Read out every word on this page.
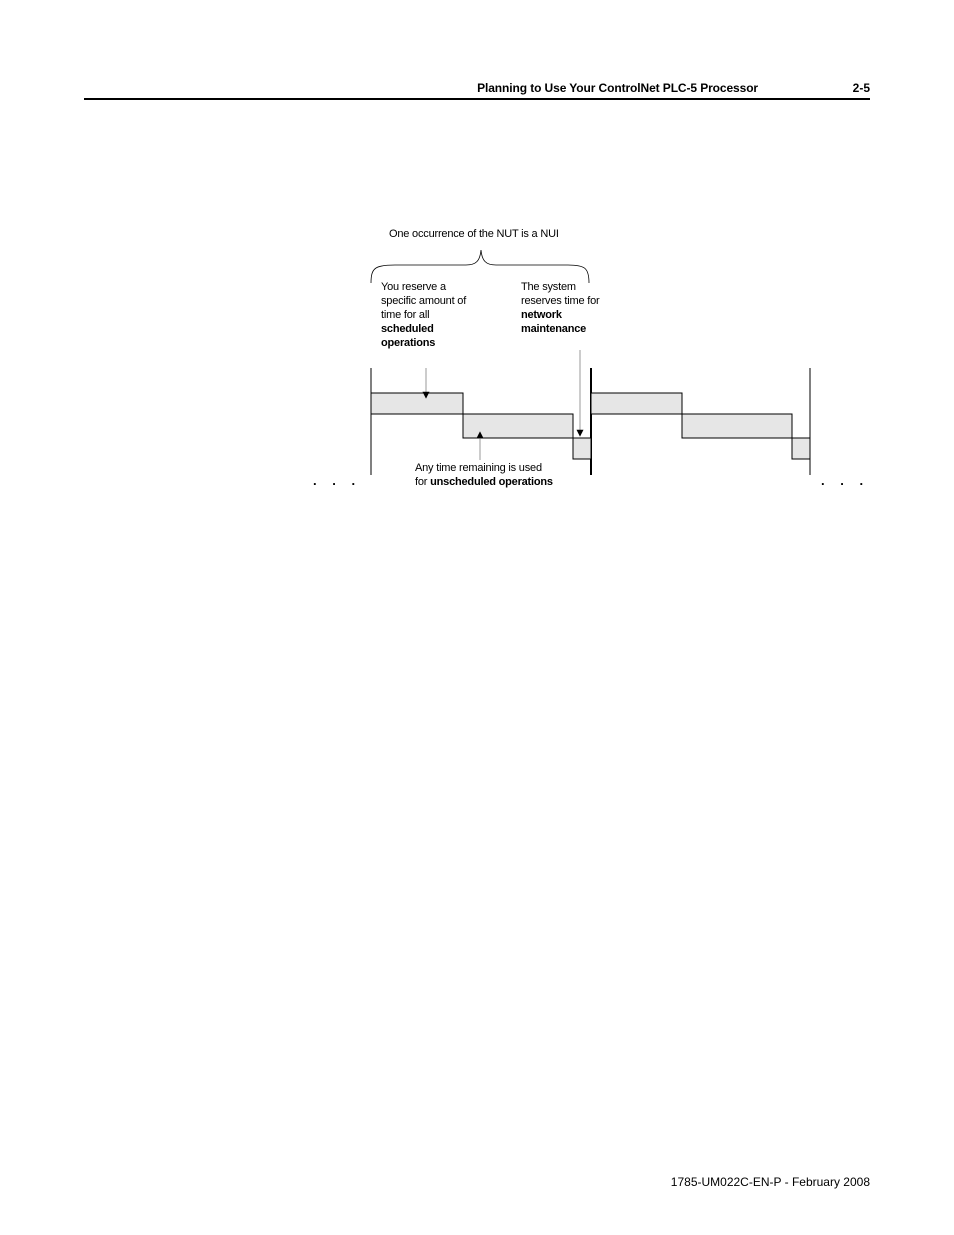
Planning to Use Your ControlNet PLC-5 Processor	2-5
One occurrence of the NUT is a NUI
You reserve a specific amount of time for all scheduled operations
The system reserves time for network maintenance
Any time remaining is used
for unscheduled operations
. . .	. . .
1785-UM022C-EN-P - February 2008
